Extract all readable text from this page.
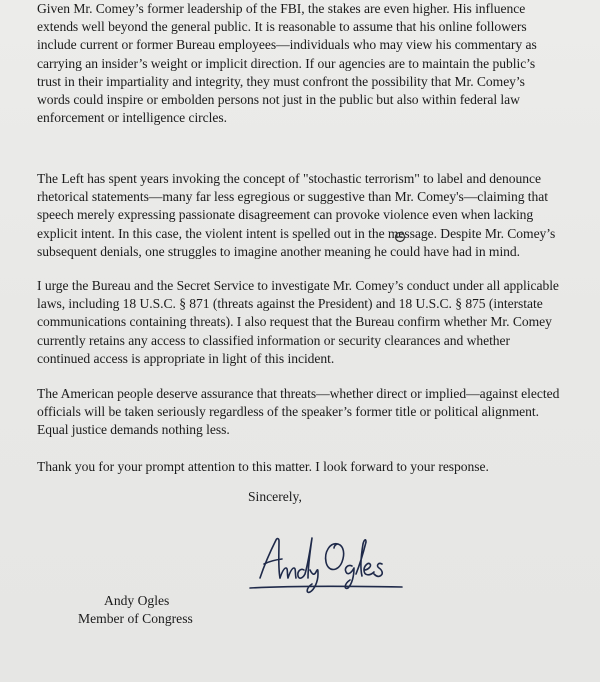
Given Mr. Comey’s former leadership of the FBI, the stakes are even higher. His influence
extends well beyond the general public. It is reasonable to assume that his online followers
include current or former Bureau employees—individuals who may view his commentary as
carrying an insider’s weight or implicit direction. If our agencies are to maintain the public’s
trust in their impartiality and integrity, they must confront the possibility that Mr. Comey’s
words could inspire or embolden persons not just in the public but also within federal law
enforcement or intelligence circles.

The Left has spent years invoking the concept of "stochastic terrorism" to label and denounce
rhetorical statements—many far less egregious or suggestive than Mr. Comey's—claiming that
speech merely expressing passionate disagreement can provoke violence even when lacking
explicit intent. In this case, the violent intent is spelled out in the message. Despite Mr. Comey’s
subsequent denials, one struggles to imagine another meaning he could have had in mind.

I urge the Bureau and the Secret Service to investigate Mr. Comey’s conduct under all applicable
laws, including 18 U.S.C. § 871 (threats against the President) and 18 U.S.C. § 875 (interstate
communications containing threats). I also request that the Bureau confirm whether Mr. Comey
currently retains any access to classified information or security clearances and whether
continued access is appropriate in light of this incident.

The American people deserve assurance that threats—whether direct or implied—against elected
officials will be taken seriously regardless of the speaker’s former title or political alignment.
Equal justice demands nothing less.

Thank you for your prompt attention to this matter. I look forward to your response.

Sincerely,
Andy Ogles
Member of Congress
